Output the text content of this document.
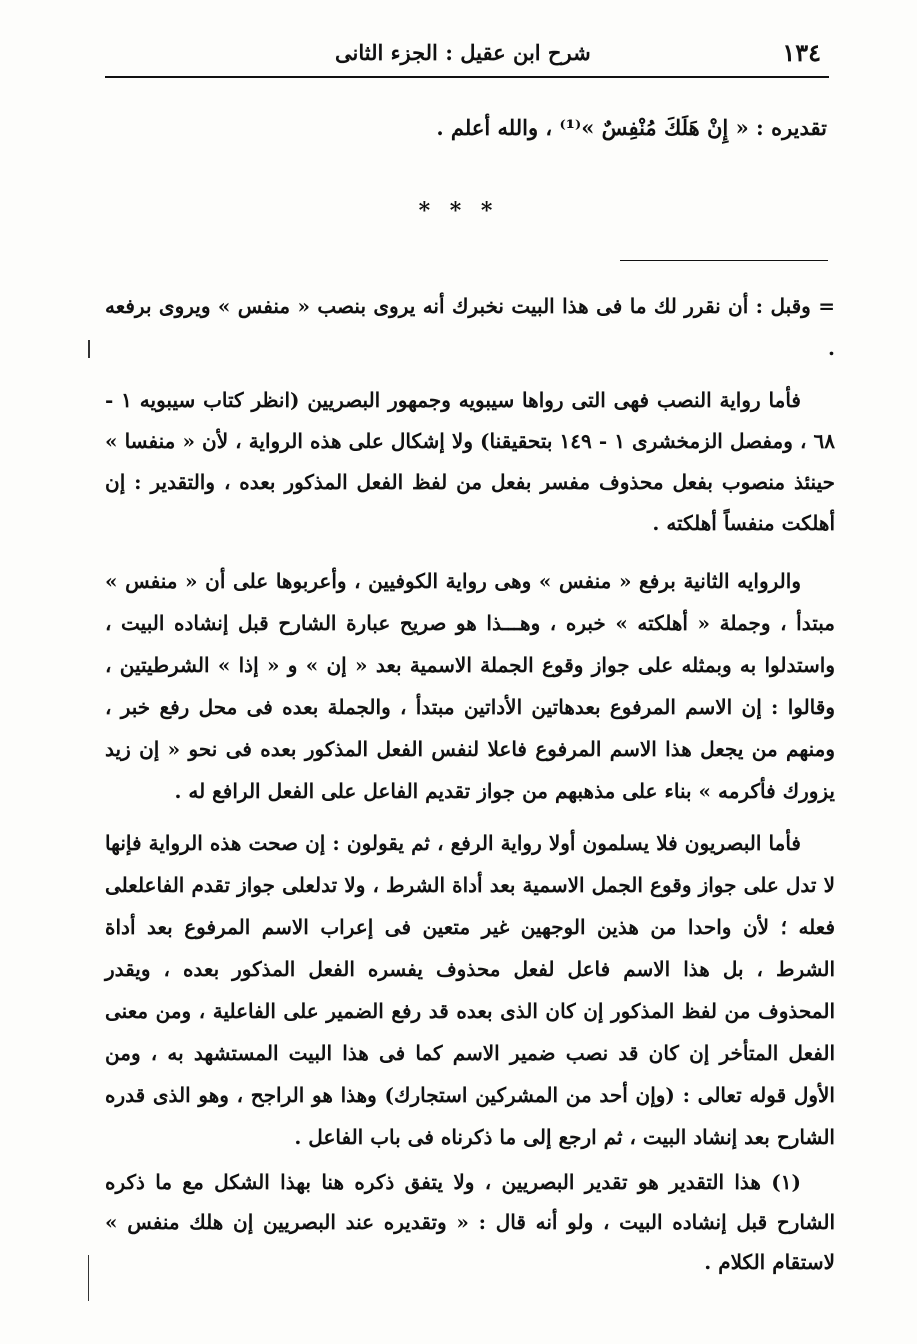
١٣٤
شرح ابن عقيل : الجزء الثانى

تقديره : « إِنْ هَلَكَ مُنْفِسٌ »⁽¹⁾ ، والله أعلم .

* * *

= وقبل : أن نقرر لك ما فى هذا البيت نخبرك أنه يروى بنصب « منفس » ويروى برفعه .

فأما رواية النصب فهى التى رواها سيبويه وجمهور البصريين (انظر كتاب سيبويه ١ - ٦٨ ، ومفصل الزمخشرى ١ - ١٤٩ بتحقيقنا) ولا إشكال على هذه الرواية ، لأن « منفسا » حينئذ منصوب بفعل محذوف مفسر بفعل من لفظ الفعل المذكور بعده ، والتقدير : إن أهلكت منفساً أهلكته .

والروايه الثانية برفع « منفس » وهى رواية الكوفيين ، وأعربوها على أن « منفس » مبتدأ ، وجملة « أهلكته » خبره ، وهـــذا هو صريح عبارة الشارح قبل إنشاده البيت ، واستدلوا به وبمثله على جواز وقوع الجملة الاسمية بعد « إن » و « إذا » الشرطيتين ، وقالوا : إن الاسم المرفوع بعدهاتين الأداتين مبتدأ ، والجملة بعده فى محل رفع خبر ، ومنهم من يجعل هذا الاسم المرفوع فاعلا لنفس الفعل المذكور بعده فى نحو « إن زيد يزورك فأكرمه » بناء على مذهبهم من جواز تقديم الفاعل على الفعل الرافع له .

فأما البصريون فلا يسلمون أولا رواية الرفع ، ثم يقولون : إن صحت هذه الرواية فإنها لا تدل على جواز وقوع الجمل الاسمية بعد أداة الشرط ، ولا تدلعلى جواز تقدم الفاعلعلى فعله ؛ لأن واحدا من هذين الوجهين غير متعين فى إعراب الاسم المرفوع بعد أداة الشرط ، بل هذا الاسم فاعل لفعل محذوف يفسره الفعل المذكور بعده ، ويقدر المحذوف من لفظ المذكور إن كان الذى بعده قد رفع الضمير على الفاعلية ، ومن معنى الفعل المتأخر إن كان قد نصب ضمير الاسم كما فى هذا البيت المستشهد به ، ومن الأول قوله تعالى : (وإن أحد من المشركين استجارك) وهذا هو الراجح ، وهو الذى قدره الشارح بعد إنشاد البيت ، ثم ارجع إلى ما ذكرناه فى باب الفاعل .

(١) هذا التقدير هو تقدير البصريين ، ولا يتفق ذكره هنا بهذا الشكل مع ما ذكره الشارح قبل إنشاده البيت ، ولو أنه قال : « وتقديره عند البصريين إن هلك منفس » لاستقام الكلام .
